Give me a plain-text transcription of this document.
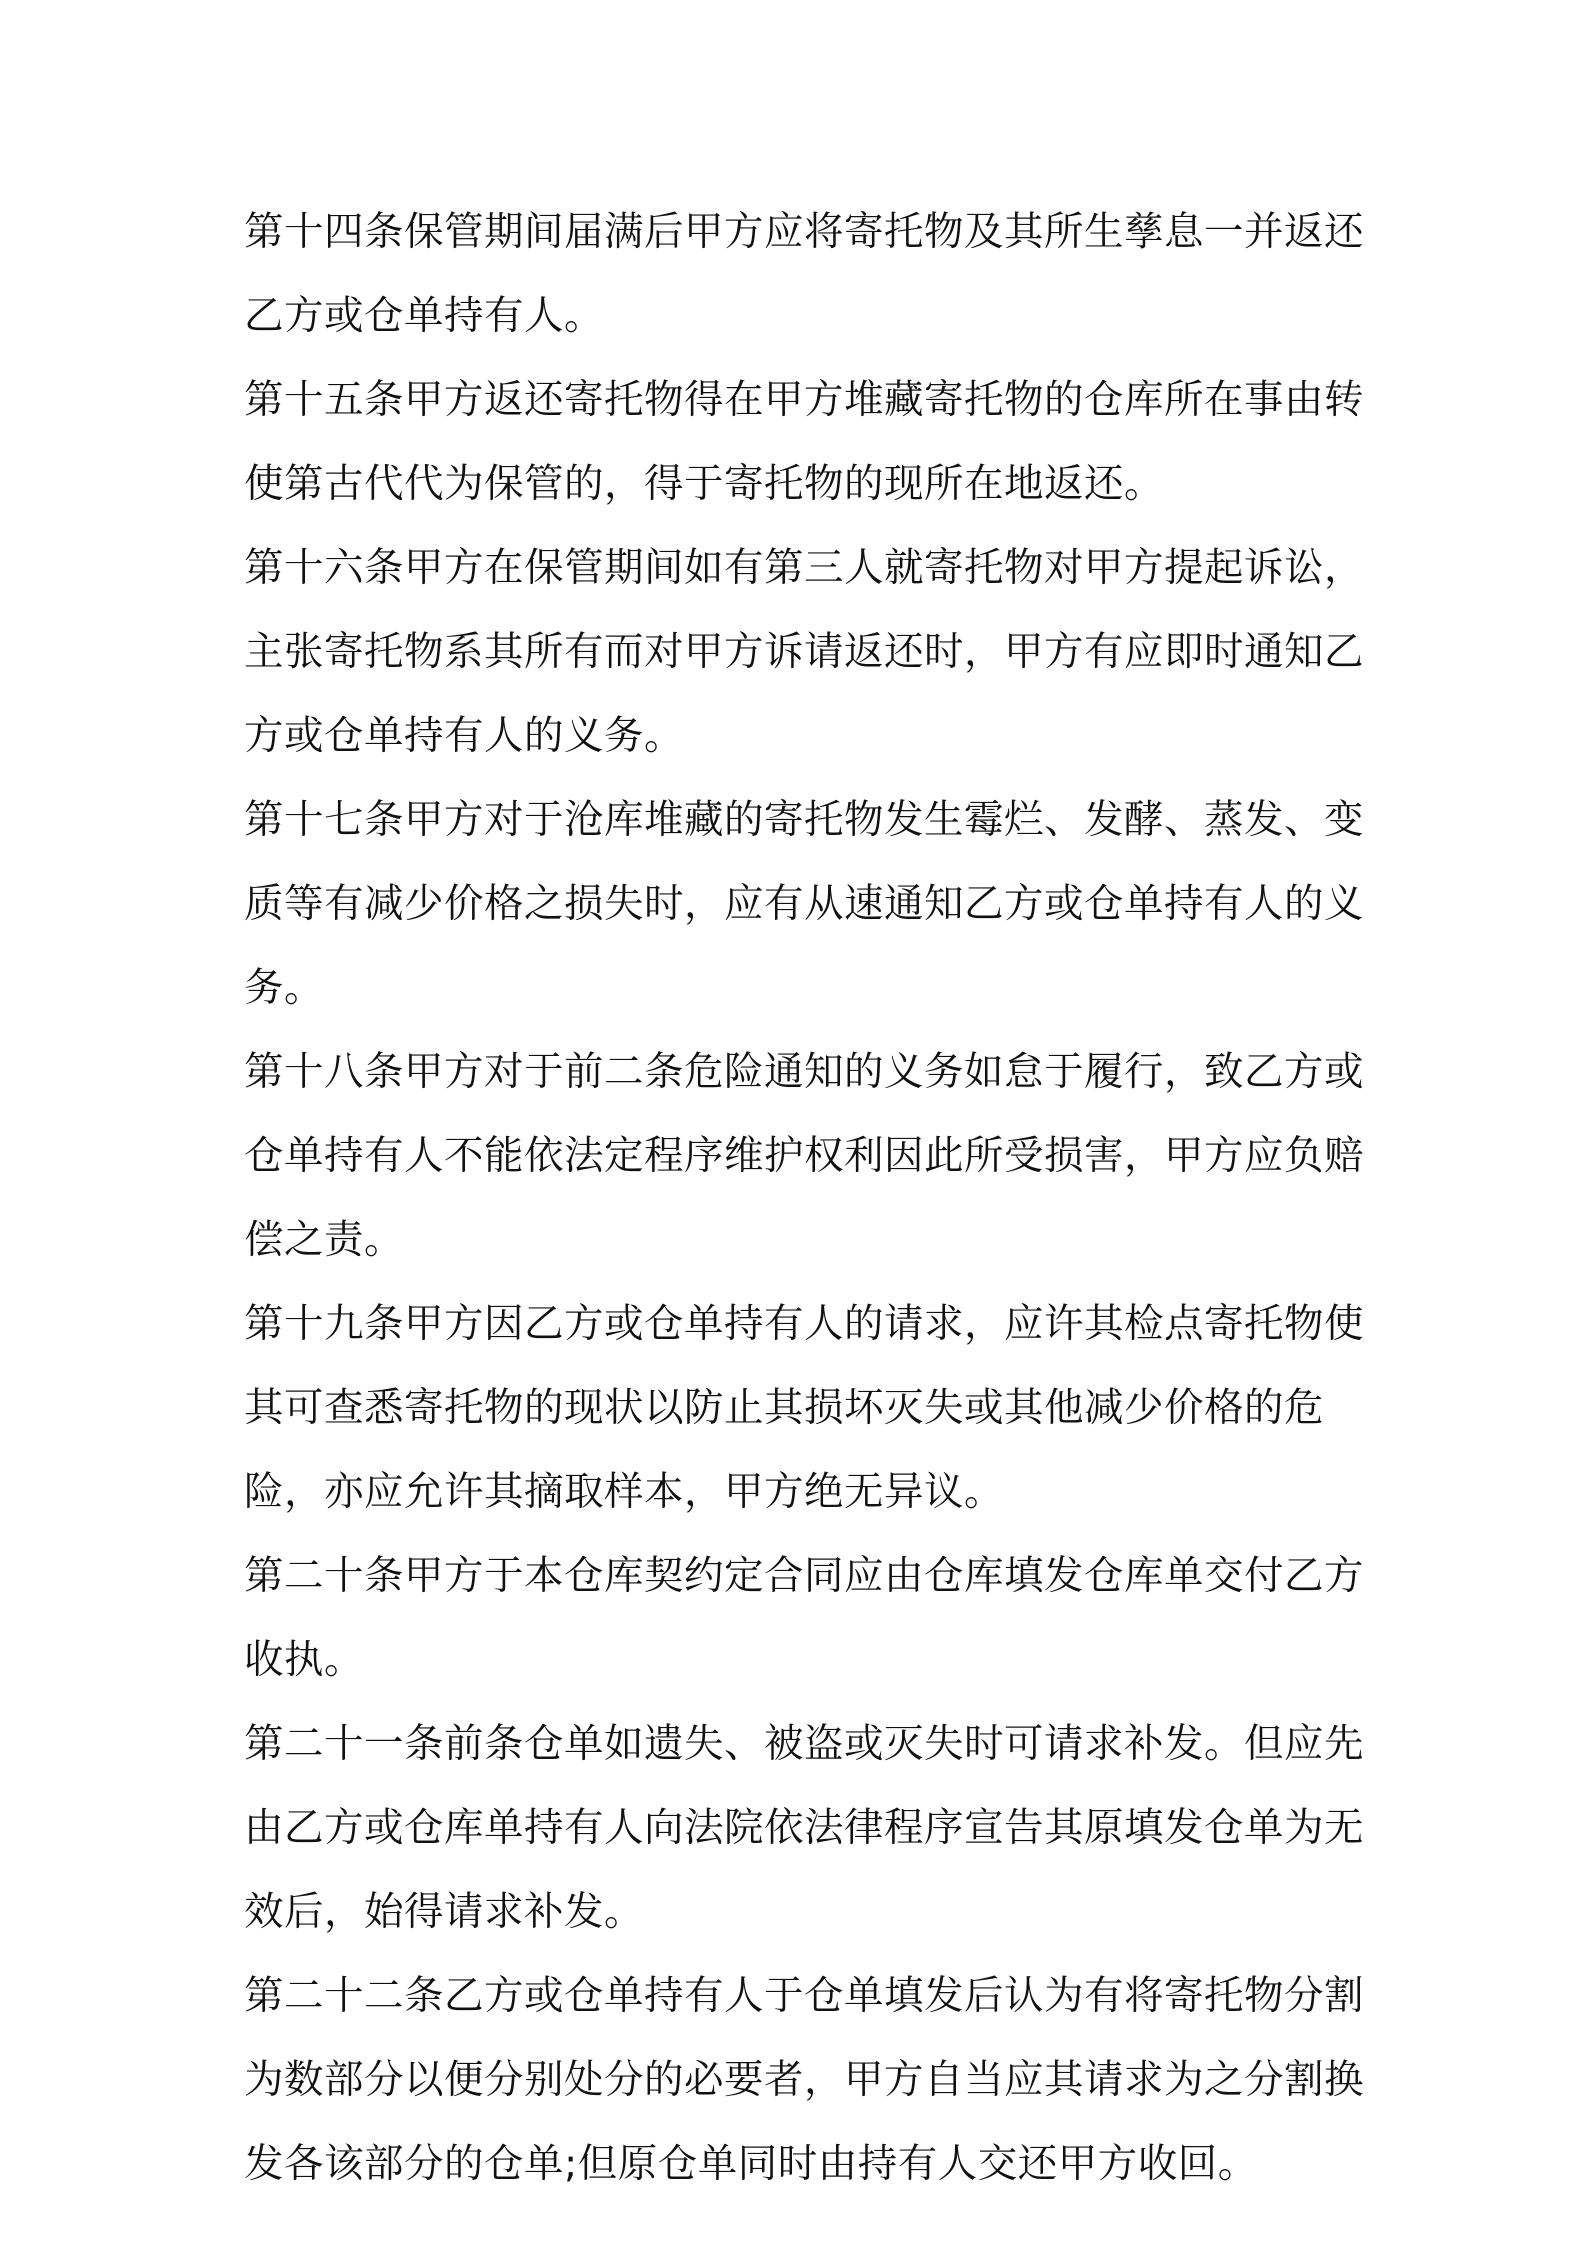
第十四条保管期间届满后甲方应将寄托物及其所生孳息一并返还乙方或仓单持有人。

第十五条甲方返还寄托物得在甲方堆藏寄托物的仓库所在事由转使第古代代为保管的，得于寄托物的现所在地返还。

第十六条甲方在保管期间如有第三人就寄托物对甲方提起诉讼，主张寄托物系其所有而对甲方诉请返还时，甲方有应即时通知乙方或仓单持有人的义务。

第十七条甲方对于沧库堆藏的寄托物发生霉烂、发酵、蒸发、变质等有减少价格之损失时，应有从速通知乙方或仓单持有人的义务。

第十八条甲方对于前二条危险通知的义务如怠于履行，致乙方或仓单持有人不能依法定程序维护权利因此所受损害，甲方应负赔偿之责。

第十九条甲方因乙方或仓单持有人的请求，应许其检点寄托物使其可查悉寄托物的现状以防止其损坏灭失或其他减少价格的危险，亦应允许其摘取样本，甲方绝无异议。

第二十条甲方于本仓库契约定合同应由仓库填发仓库单交付乙方收执。

第二十一条前条仓单如遗失、被盗或灭失时可请求补发。但应先由乙方或仓库单持有人向法院依法律程序宣告其原填发仓单为无效后，始得请求补发。

第二十二条乙方或仓单持有人于仓单填发后认为有将寄托物分割为数部分以便分别处分的必要者，甲方自当应其请求为之分割换发各该部分的仓单;但原仓单同时由持有人交还甲方收回。
